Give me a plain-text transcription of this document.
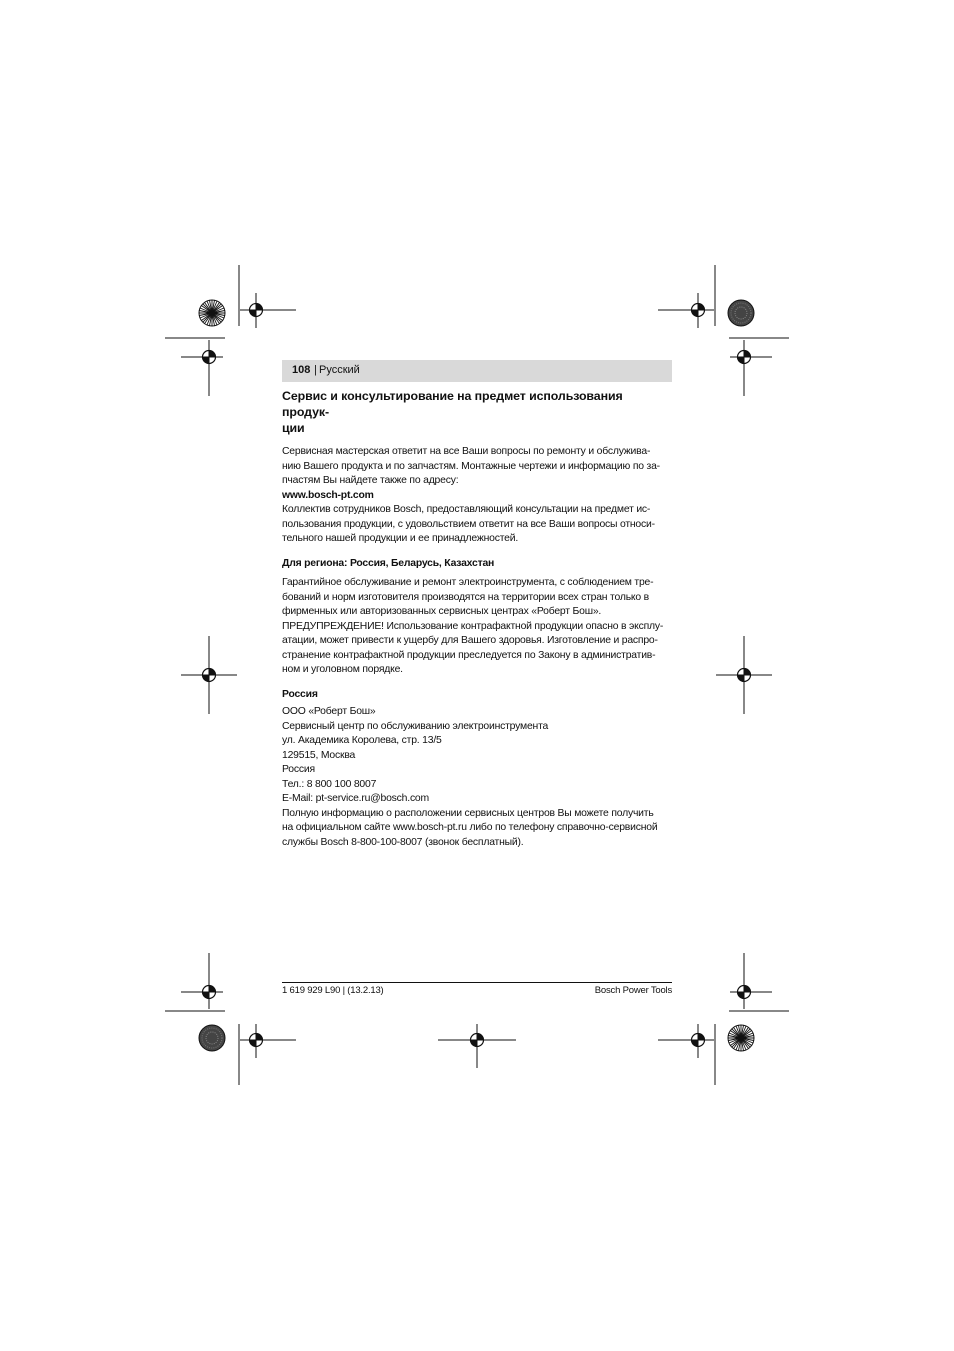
108 | Русский
Сервис и консультирование на предмет использования продук-
ции

Сервисная мастерская ответит на все Ваши вопросы по ремонту и обслужива-

нию Вашего продукта и по запчастям. Монтажные чертежи и информацию по за-

пчастям Вы найдете также по адресу:

www.bosch-pt.com

Коллектив сотрудников Bosch, предоставляющий консультации на предмет ис-

пользования продукции, с удовольствием ответит на все Ваши вопросы относи-

тельного нашей продукции и ее принадлежностей.

Для региона: Россия, Беларусь, Казахстан

Гарантийное обслуживание и ремонт электроинструмента, с соблюдением тре-

бований и норм изготовителя производятся на территории всех стран только в

фирменных или авторизованных сервисных центрах «Роберт Бош».

ПРЕДУПРЕЖДЕНИЕ! Использование контрафактной продукции опасно в эксплу-

атации, может привести к ущербу для Вашего здоровья. Изготовление и распро-

странение контрафактной продукции преследуется по Закону в административ-

ном и уголовном порядке.

Россия

ООО «Роберт Бош»

Сервисный центр по обслуживанию электроинструмента

ул. Академика Королева, стр. 13/5

129515, Москва

Россия

Тел.: 8 800 100 8007

E-Mail: pt-service.ru@bosch.com

Полную информацию о расположении сервисных центров Вы можете получить

на официальном сайте www.bosch-pt.ru либо по телефону справочно-сервисной

службы Bosch 8-800-100-8007 (звонок бесплатный).

1 619 929 L90 | (13.2.13)	Bosch Power Tools
